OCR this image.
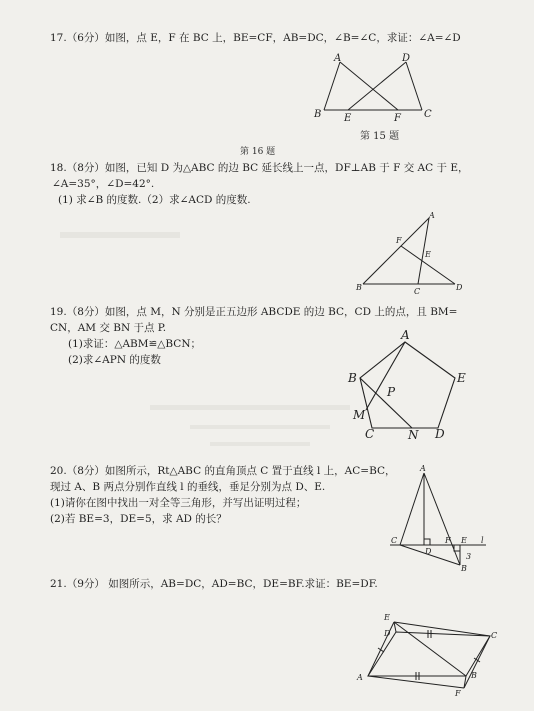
17.（6分）如图，点 E，F 在 BC 上，BE=CF，AB=DC，∠B=∠C，求证：∠A=∠D
A	D
B E	F C
第 15 题
第 16 题
18.（8分）如图，已知 D 为△ABC 的边 BC 延长线上一点，DF⊥AB 于 F 交 AC 于 E，
∠A=35°，∠D=42°.
(1) 求∠B 的度数.（2）求∠ACD 的度数.
A
F
E
B	C	D
19.（8分）如图，点 M，N 分别是正五边形 ABCDE 的边 BC，CD 上的点，且 BM=
CN，AM 交 BN 于点 P.
(1)求证：△ABM≌△BCN；
(2)求∠APN 的度数
A
B	E
P
M
C	N D
20.（8分）如图所示，Rt△ABC 的直角顶点 C 置于直线 l 上，AC=BC，
现过 A、B 两点分别作直线 l 的垂线，垂足分别为点 D、E.
(1)请你在图中找出一对全等三角形，并写出证明过程；
(2)若 BE=3，DE=5，求 AD 的长？
A
C
D
E
F
B
l
3
21.（9分） 如图所示，AB=DC，AD=BC，DE=BF.求证：BE=DF.
E
D	C
A	B
F
